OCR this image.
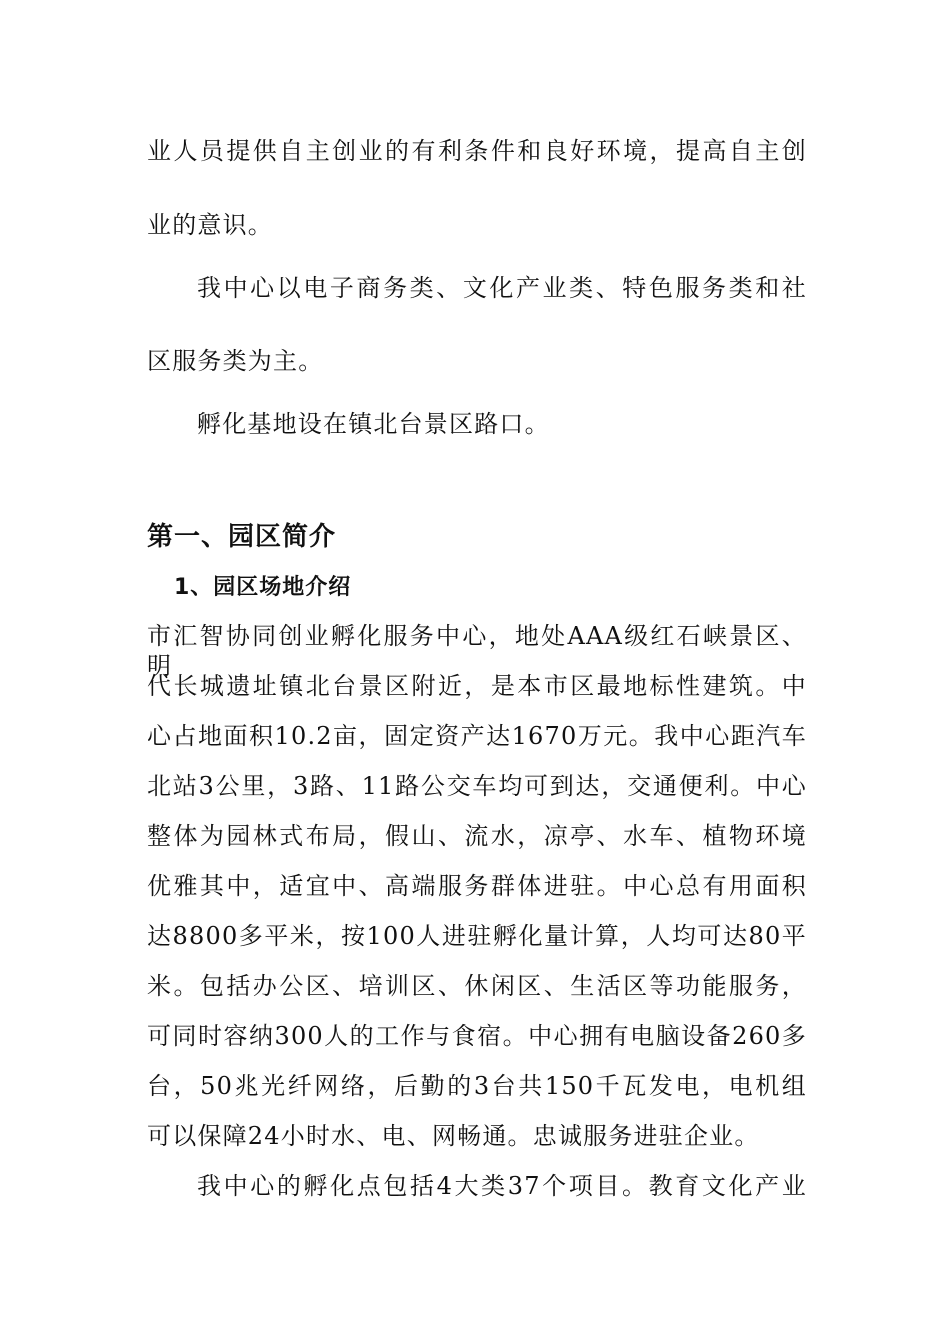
业人员提供自主创业的有利条件和良好环境，提高自主创
业的意识。
我中心以电子商务类、文化产业类、特色服务类和社
区服务类为主。
孵化基地设在镇北台景区路口。
第一、园区简介
1、园区场地介绍
市汇智协同创业孵化服务中心，地处AAA级红石峡景区、明
代长城遗址镇北台景区附近，是本市区最地标性建筑。中
心占地面积10.2亩，固定资产达1670万元。我中心距汽车
北站3公里，3路、11路公交车均可到达，交通便利。中心
整体为园林式布局，假山、流水，凉亭、水车、植物环境
优雅其中，适宜中、高端服务群体进驻。中心总有用面积
达8800多平米，按100人进驻孵化量计算，人均可达80平
米。包括办公区、培训区、休闲区、生活区等功能服务，
可同时容纳300人的工作与食宿。中心拥有电脑设备260多
台，50兆光纤网络，后勤的3台共150千瓦发电，电机组
可以保障24小时水、电、网畅通。忠诚服务进驻企业。
我中心的孵化点包括4大类37个项目。教育文化产业
